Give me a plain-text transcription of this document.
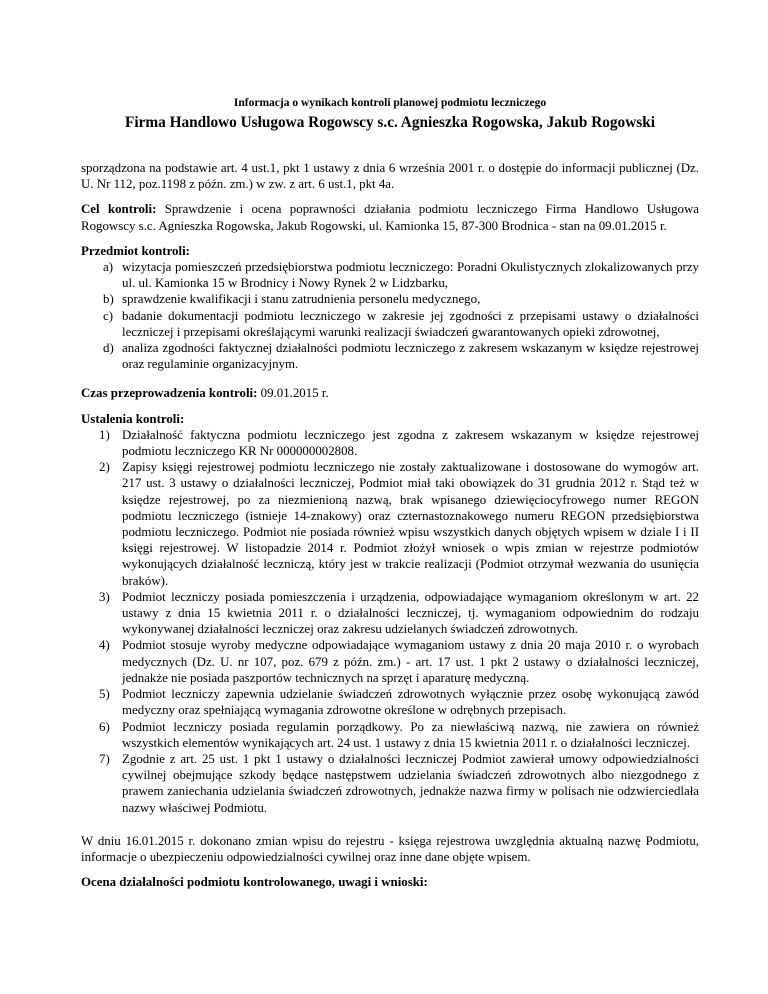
Informacja o wynikach kontroli planowej podmiotu leczniczego
Firma Handlowo Usługowa Rogowscy s.c. Agnieszka Rogowska, Jakub Rogowski

sporządzona na podstawie art. 4 ust.1, pkt 1 ustawy z dnia 6 września 2001 r. o dostępie do informacji publicznej (Dz. U. Nr 112, poz.1198 z późn. zm.) w zw. z art. 6 ust.1, pkt 4a.

Cel kontroli: Sprawdzenie i ocena poprawności działania podmiotu leczniczego Firma Handlowo Usługowa Rogowscy s.c. Agnieszka Rogowska, Jakub Rogowski, ul. Kamionka 15, 87-300 Brodnica - stan na 09.01.2015 r.

Przedmiot kontroli:
a) wizytacja pomieszczeń przedsiębiorstwa podmiotu leczniczego: Poradni Okulistycznych zlokalizowanych przy ul. ul. Kamionka 15 w Brodnicy i Nowy Rynek 2 w Lidzbarku,
b) sprawdzenie kwalifikacji i stanu zatrudnienia personelu medycznego,
c) badanie dokumentacji podmiotu leczniczego w zakresie jej zgodności z przepisami ustawy o działalności leczniczej i przepisami określającymi warunki realizacji świadczeń gwarantowanych opieki zdrowotnej,
d) analiza zgodności faktycznej działalności podmiotu leczniczego z zakresem wskazanym w księdze rejestrowej oraz regulaminie organizacyjnym.

Czas przeprowadzenia kontroli: 09.01.2015 r.

Ustalenia kontroli:
1) Działalność faktyczna podmiotu leczniczego jest zgodna z zakresem wskazanym w księdze rejestrowej podmiotu leczniczego KR Nr 000000002808.
2) Zapisy księgi rejestrowej podmiotu leczniczego nie zostały zaktualizowane i dostosowane do wymogów art. 217 ust. 3 ustawy o działalności leczniczej, Podmiot miał taki obowiązek do 31 grudnia 2012 r. Stąd też w księdze rejestrowej, po za niezmienioną nazwą, brak wpisanego dziewięciocyfrowego numer REGON podmiotu leczniczego (istnieje 14-znakowy) oraz czternastoznakowego numeru REGON przedsiębiorstwa podmiotu leczniczego. Podmiot nie posiada również wpisu wszystkich danych objętych wpisem w dziale I i II księgi rejestrowej. W listopadzie 2014 r. Podmiot złożył wniosek o wpis zmian w rejestrze podmiotów wykonujących działalność leczniczą, który jest w trakcie realizacji (Podmiot otrzymał wezwania do usunięcia braków).
3) Podmiot leczniczy posiada pomieszczenia i urządzenia, odpowiadające wymaganiom określonym w art. 22 ustawy z dnia 15 kwietnia 2011 r. o działalności leczniczej, tj. wymaganiom odpowiednim do rodzaju wykonywanej działalności leczniczej oraz zakresu udzielanych świadczeń zdrowotnych.
4) Podmiot stosuje wyroby medyczne odpowiadające wymaganiom ustawy z dnia 20 maja 2010 r. o wyrobach medycznych (Dz. U. nr 107, poz. 679 z późn. zm.) - art. 17 ust. 1 pkt 2 ustawy o działalności leczniczej, jednakże nie posiada paszportów technicznych na sprzęt i aparaturę medyczną.
5) Podmiot leczniczy zapewnia udzielanie świadczeń zdrowotnych wyłącznie przez osobę wykonującą zawód medyczny oraz spełniającą wymagania zdrowotne określone w odrębnych przepisach.
6) Podmiot leczniczy posiada regulamin porządkowy. Po za niewłaściwą nazwą, nie zawiera on również wszystkich elementów wynikających art. 24 ust. 1 ustawy z dnia 15 kwietnia 2011 r. o działalności leczniczej.
7) Zgodnie z art. 25 ust. 1 pkt 1 ustawy o działalności leczniczej Podmiot zawierał umowy odpowiedzialności cywilnej obejmujące szkody będące następstwem udzielania świadczeń zdrowotnych albo niezgodnego z prawem zaniechania udzielania świadczeń zdrowotnych, jednakże nazwa firmy w polisach nie odzwierciedlała nazwy właściwej Podmiotu.

W dniu 16.01.2015 r. dokonano zmian wpisu do rejestru - księga rejestrowa uwzględnia aktualną nazwę Podmiotu, informacje o ubezpieczeniu odpowiedzialności cywilnej oraz inne dane objęte wpisem.

Ocena działalności podmiotu kontrolowanego, uwagi i wnioski:
